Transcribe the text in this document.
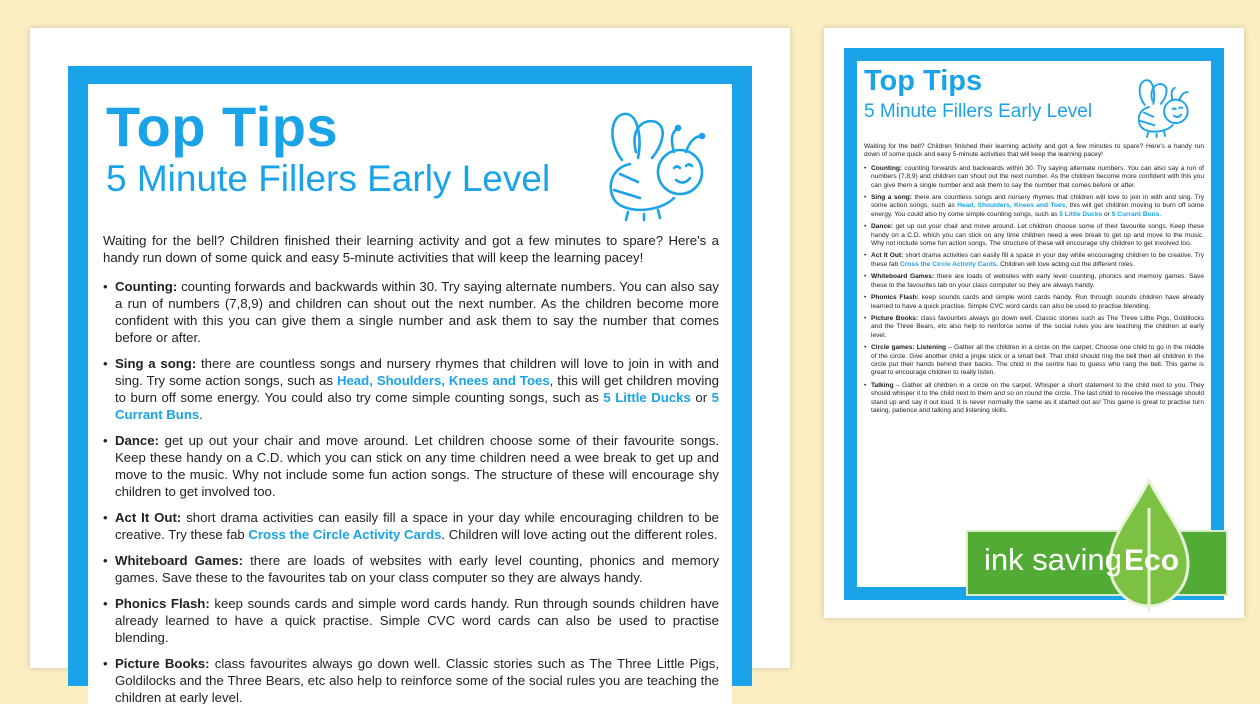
Top Tips
5 Minute Fillers Early Level

Waiting for the bell? Children finished their learning activity and got a few minutes to spare? Here's a handy run down of some quick and easy 5-minute activities that will keep the learning pacey!

• Counting: counting forwards and backwards within 30. Try saying alternate numbers. You can also say a run of numbers (7,8,9) and children can shout out the next number. As the children become more confident with this you can give them a single number and ask them to say the number that comes before or after.
• Sing a song: there are countless songs and nursery rhymes that children will love to join in with and sing. Try some action songs, such as Head, Shoulders, Knees and Toes, this will get children moving to burn off some energy. You could also try come simple counting songs, such as 5 Little Ducks or 5 Currant Buns.
• Dance: get up out your chair and move around. Let children choose some of their favourite songs. Keep these handy on a C.D. which you can stick on any time children need a wee break to get up and move to the music. Why not include some fun action songs. The structure of these will encourage shy children to get involved too.
• Act It Out: short drama activities can easily fill a space in your day while encouraging children to be creative. Try these fab Cross the Circle Activity Cards. Children will love acting out the different roles.
• Whiteboard Games: there are loads of websites with early level counting, phonics and memory games. Save these to the favourites tab on your class computer so they are always handy.
• Phonics Flash: keep sounds cards and simple word cards handy. Run through sounds children have already learned to have a quick practise. Simple CVC word cards can also be used to practise blending.
• Picture Books: class favourites always go down well. Classic stories such as The Three Little Pigs, Goldilocks and the Three Bears, etc also help to reinforce some of the social rules you are teaching the children at early level.
Top Tips
5 Minute Fillers Early Level

Waiting for the bell? Children finished their learning activity and got a few minutes to spare? Here's a handy run down of some quick and easy 5-minute activities that will keep the learning pacey!

• Counting: counting forwards and backwards within 30. Try saying alternate numbers. You can also say a run of numbers (7,8,9) and children can shout out the next number. As the children become more confident with this you can give them a single number and ask them to say the number that comes before or after.
• Sing a song: there are countless songs and nursery rhymes that children will love to join in with and sing. Try some action songs, such as Head, Shoulders, Knees and Toes, this will get children moving to burn off some energy. You could also try come simple counting songs, such as 5 Little Ducks or 5 Currant Buns.
• Dance: get up out your chair and move around. Let children choose some of their favourite songs. Keep these handy on a C.D. which you can stick on any time children need a wee break to get up and move to the music. Why not include some fun action songs. The structure of these will encourage shy children to get involved too.
• Act It Out: short drama activities can easily fill a space in your day while encouraging children to be creative. Try these fab Cross the Circle Activity Cards. Children will love acting out the different roles.
• Whiteboard Games: there are loads of websites with early level counting, phonics and memory games. Save these to the favourites tab on your class computer so they are always handy.
• Phonics Flash: keep sounds cards and simple word cards handy. Run through sounds children have already learned to have a quick practise. Simple CVC word cards can also be used to practise blending.
• Picture Books: class favourites always go down well. Classic stories such as The Three Little Pigs, Goldilocks and the Three Bears, etc also help to reinforce some of the social rules you are teaching the children at early level.
• Circle games: Listening – Gather all the children in a circle on the carpet. Choose one child to go in the middle of the circle. Give another child a jingle stick or a small bell. That child should ring the bell then all children in the circle put their hands behind their backs. The child in the centre has to guess who rang the bell. This game is great to encourage children to really listen.
• Talking – Gather all children in a circle on the carpet. Whisper a short statement to the child next to you. They should whisper it to the child next to them and so on round the circle. The last child to receive the message should stand up and say it out loud. It is never normally the same as it started out as! This game is great to practise turn taking, patience and talking and listening skills.
ink saving Eco
